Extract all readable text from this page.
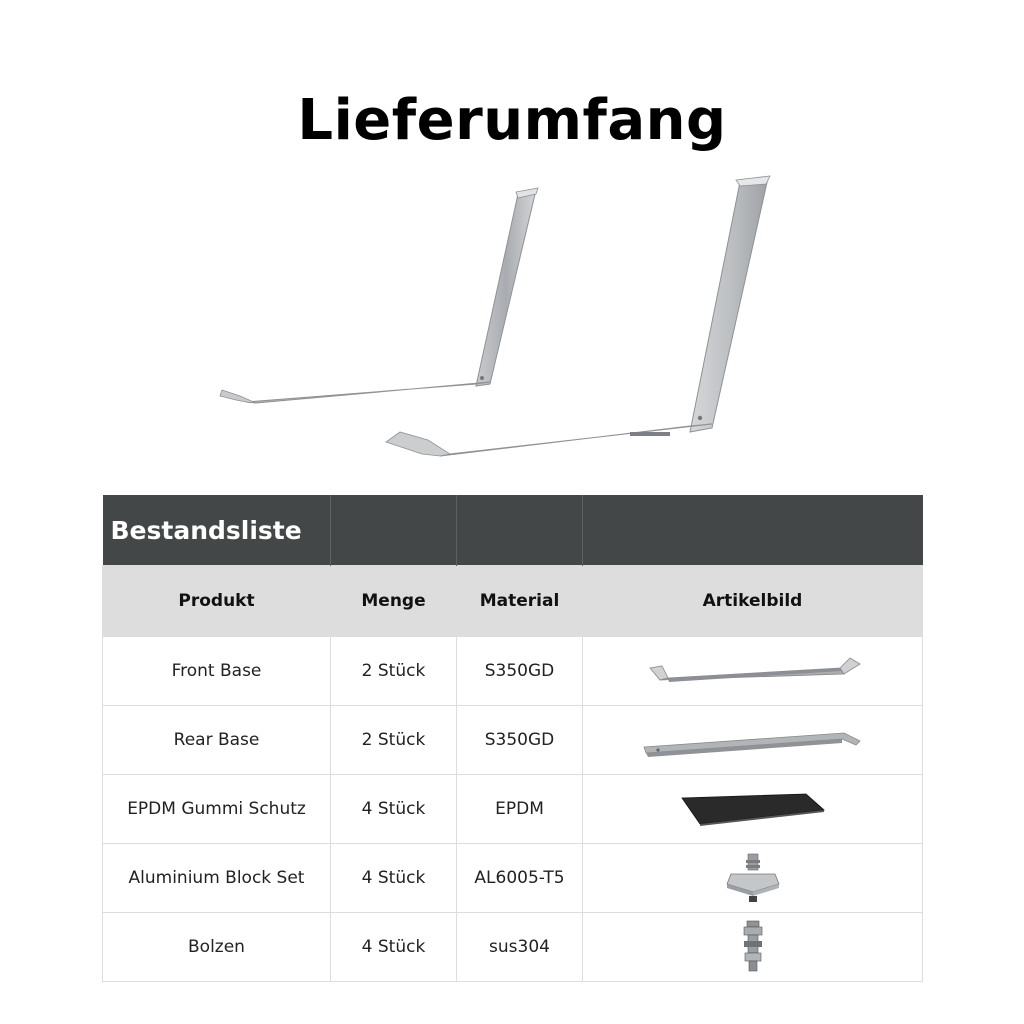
Lieferumfang
Bestandsliste			
Produkt	Menge	Material	Artikelbild
Front Base	2 Stück	S350GD	

Rear Base	2 Stück	S350GD	

EPDM Gummi Schutz	4 Stück	EPDM	

Aluminium Block Set	4 Stück	AL6005-T5	

Bolzen	4 Stück	sus304	
